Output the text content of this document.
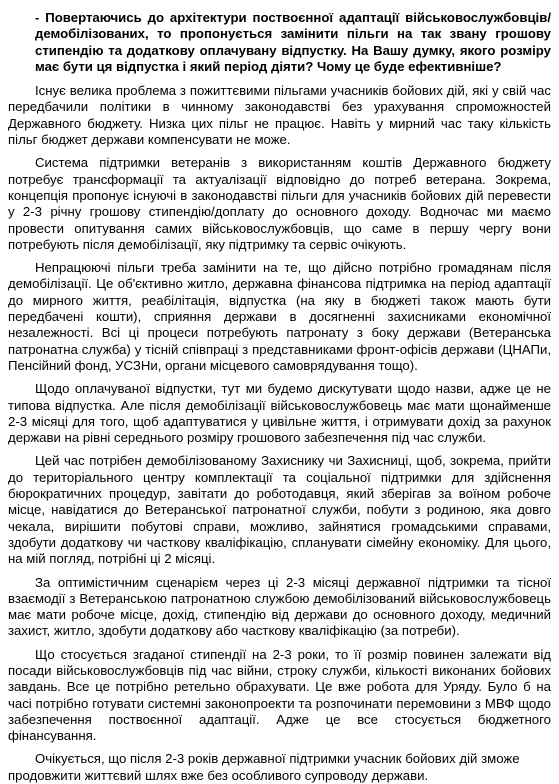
- Повертаючись до архітектури поствоєнної адаптації військовослужбовців/демобілізованих, то пропонується замінити пільги на так звану грошову стипендію та додаткову оплачувану відпустку. На Вашу думку, якого розміру має бути ця відпустка і який період діяти? Чому це буде ефективніше?

Існує велика проблема з пожиттєвими пільгами учасників бойових дій, які у свій час передбачили політики в чинному законодавстві без урахування спроможностей Державного бюджету. Низка цих пільг не працює. Навіть у мирний час таку кількість пільг бюджет держави компенсувати не може.

Система підтримки ветеранів з використанням коштів Державного бюджету потребує трансформації та актуалізації відповідно до потреб ветерана. Зокрема, концепція пропонує існуючі в законодавстві пільги для учасників бойових дій перевести у 2-3 річну грошову стипендію/доплату до основного доходу. Водночас ми маємо провести опитування самих військовослужбовців, що саме в першу чергу вони потребують після демобілізації, яку підтримку та сервіс очікують.

Непрацюючі пільги треба замінити на те, що дійсно потрібно громадянам після демобілізації. Це об'єктивно житло, державна фінансова підтримка на період адаптації до мирного життя, реабілітація, відпустка (на яку в бюджеті також мають бути передбачені кошти), сприяння держави в досягненні захисниками економічної незалежності. Всі ці процеси потребують патронату з боку держави (Ветеранська патронатна служба) у тісній співпраці з представниками фронт-офісів держави (ЦНАПи, Пенсійний фонд, УСЗНи, органи місцевого самоврядування тощо).

Щодо оплачуваної відпустки, тут ми будемо дискутувати щодо назви, адже це не типова відпустка. Але після демобілізації військовослужбовець має мати щонайменше 2-3 місяці для того, щоб адаптуватися у цивільне життя, і отримувати дохід за рахунок держави на рівні середнього розміру грошового забезпечення під час служби.

Цей час потрібен демобілізованому Захиснику чи Захисниці, щоб, зокрема, прийти до територіального центру комплектації та соціальної підтримки для здійснення бюрократичних процедур, завітати до роботодавця, який зберігав за воїном робоче місце, навідатися до Ветеранської патронатної служби, побути з родиною, яка довго чекала, вирішити побутові справи, можливо, зайнятися громадськими справами, здобути додаткову чи часткову кваліфікацію, спланувати сімейну економіку. Для цього, на мій погляд, потрібні ці 2 місяці.

За оптимістичним сценарієм через ці 2-3 місяці державної підтримки та тісної взаємодії з Ветеранською патронатною службою демобілізований військовослужбовець має мати робоче місце, дохід, стипендію від держави до основного доходу, медичний захист, житло, здобути додаткову або часткову кваліфікацію (за потреби).

Що стосується згаданої стипендії на 2-3 роки, то її розмір повинен залежати від посади військовослужбовців під час війни, строку служби, кількості виконаних бойових завдань. Все це потрібно ретельно обрахувати. Це вже робота для Уряду. Було б на часі потрібно готувати системні законопроекти та розпочинати перемовини з МВФ щодо забезпечення поствоєнної адаптації. Адже це все стосується бюджетного фінансування.

Очікується, що після 2-3 років державної підтримки учасник бойових дій зможе продовжити життєвий шлях вже без особливого супроводу держави.
